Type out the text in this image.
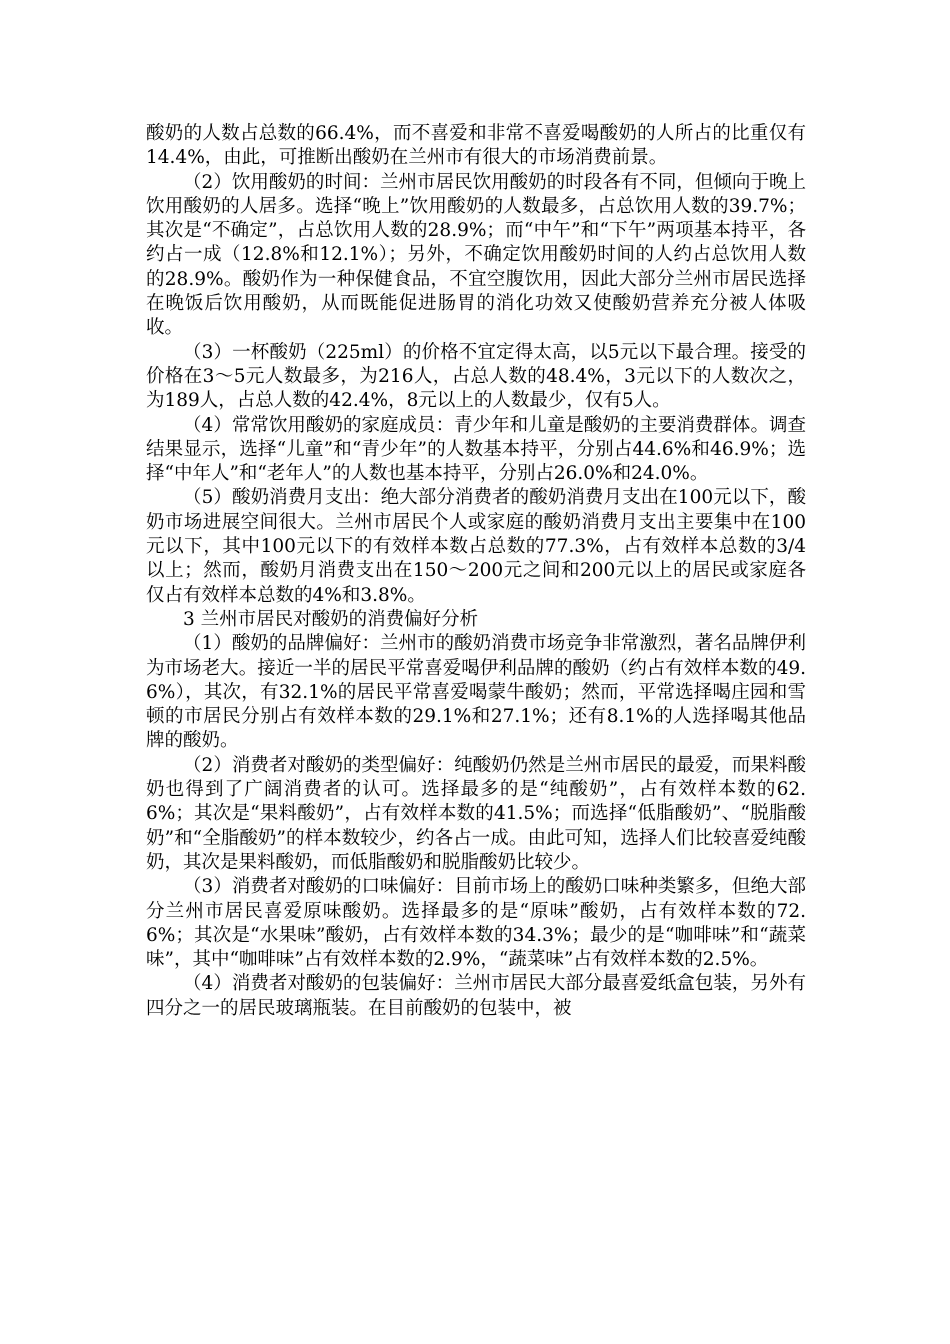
酸奶的人数占总数的66.4%，而不喜爱和非常不喜爱喝酸奶的人所占的比重仅有14.4%，由此，可推断出酸奶在兰州市有很大的市场消费前景。

（2）饮用酸奶的时间：兰州市居民饮用酸奶的时段各有不同，但倾向于晚上饮用酸奶的人居多。选择“晚上”饮用酸奶的人数最多，占总饮用人数的39.7%；其次是“不确定”，占总饮用人数的28.9%；而“中午”和“下午”两项基本持平，各约占一成（12.8%和12.1%）；另外，不确定饮用酸奶时间的人约占总饮用人数的28.9%。酸奶作为一种保健食品，不宜空腹饮用，因此大部分兰州市居民选择在晚饭后饮用酸奶，从而既能促进肠胃的消化功效又使酸奶营养充分被人体吸收。

（3）一杯酸奶（225ml）的价格不宜定得太高，以5元以下最合理。接受的价格在3～5元人数最多，为216人，占总人数的48.4%，3元以下的人数次之，为189人，占总人数的42.4%，8元以上的人数最少，仅有5人。

（4）常常饮用酸奶的家庭成员：青少年和儿童是酸奶的主要消费群体。调查结果显示，选择“儿童”和“青少年”的人数基本持平，分别占44.6%和46.9%；选择“中年人”和“老年人”的人数也基本持平，分别占26.0%和24.0%。

（5）酸奶消费月支出：绝大部分消费者的酸奶消费月支出在100元以下，酸奶市场进展空间很大。兰州市居民个人或家庭的酸奶消费月支出主要集中在100元以下，其中100元以下的有效样本数占总数的77.3%，占有效样本总数的3/4以上；然而，酸奶月消费支出在150～200元之间和200元以上的居民或家庭各仅占有效样本总数的4%和3.8%。

3 兰州市居民对酸奶的消费偏好分析

（1）酸奶的品牌偏好：兰州市的酸奶消费市场竞争非常激烈，著名品牌伊利为市场老大。接近一半的居民平常喜爱喝伊利品牌的酸奶（约占有效样本数的49.6%），其次，有32.1%的居民平常喜爱喝蒙牛酸奶；然而，平常选择喝庄园和雪顿的市居民分别占有效样本数的29.1%和27.1%；还有8.1%的人选择喝其他品牌的酸奶。

（2）消费者对酸奶的类型偏好：纯酸奶仍然是兰州市居民的最爱，而果料酸奶也得到了广阔消费者的认可。选择最多的是“纯酸奶”，占有效样本数的62.6%；其次是“果料酸奶”，占有效样本数的41.5%；而选择“低脂酸奶”、“脱脂酸奶”和“全脂酸奶”的样本数较少，约各占一成。由此可知，选择人们比较喜爱纯酸奶，其次是果料酸奶，而低脂酸奶和脱脂酸奶比较少。

（3）消费者对酸奶的口味偏好：目前市场上的酸奶口味种类繁多，但绝大部分兰州市居民喜爱原味酸奶。选择最多的是“原味”酸奶，占有效样本数的72.6%；其次是“水果味”酸奶，占有效样本数的34.3%；最少的是“咖啡味”和“蔬菜味”，其中“咖啡味”占有效样本数的2.9%，“蔬菜味”占有效样本数的2.5%。

（4）消费者对酸奶的包装偏好：兰州市居民大部分最喜爱纸盒包装，另外有四分之一的居民玻璃瓶装。在目前酸奶的包装中，被
